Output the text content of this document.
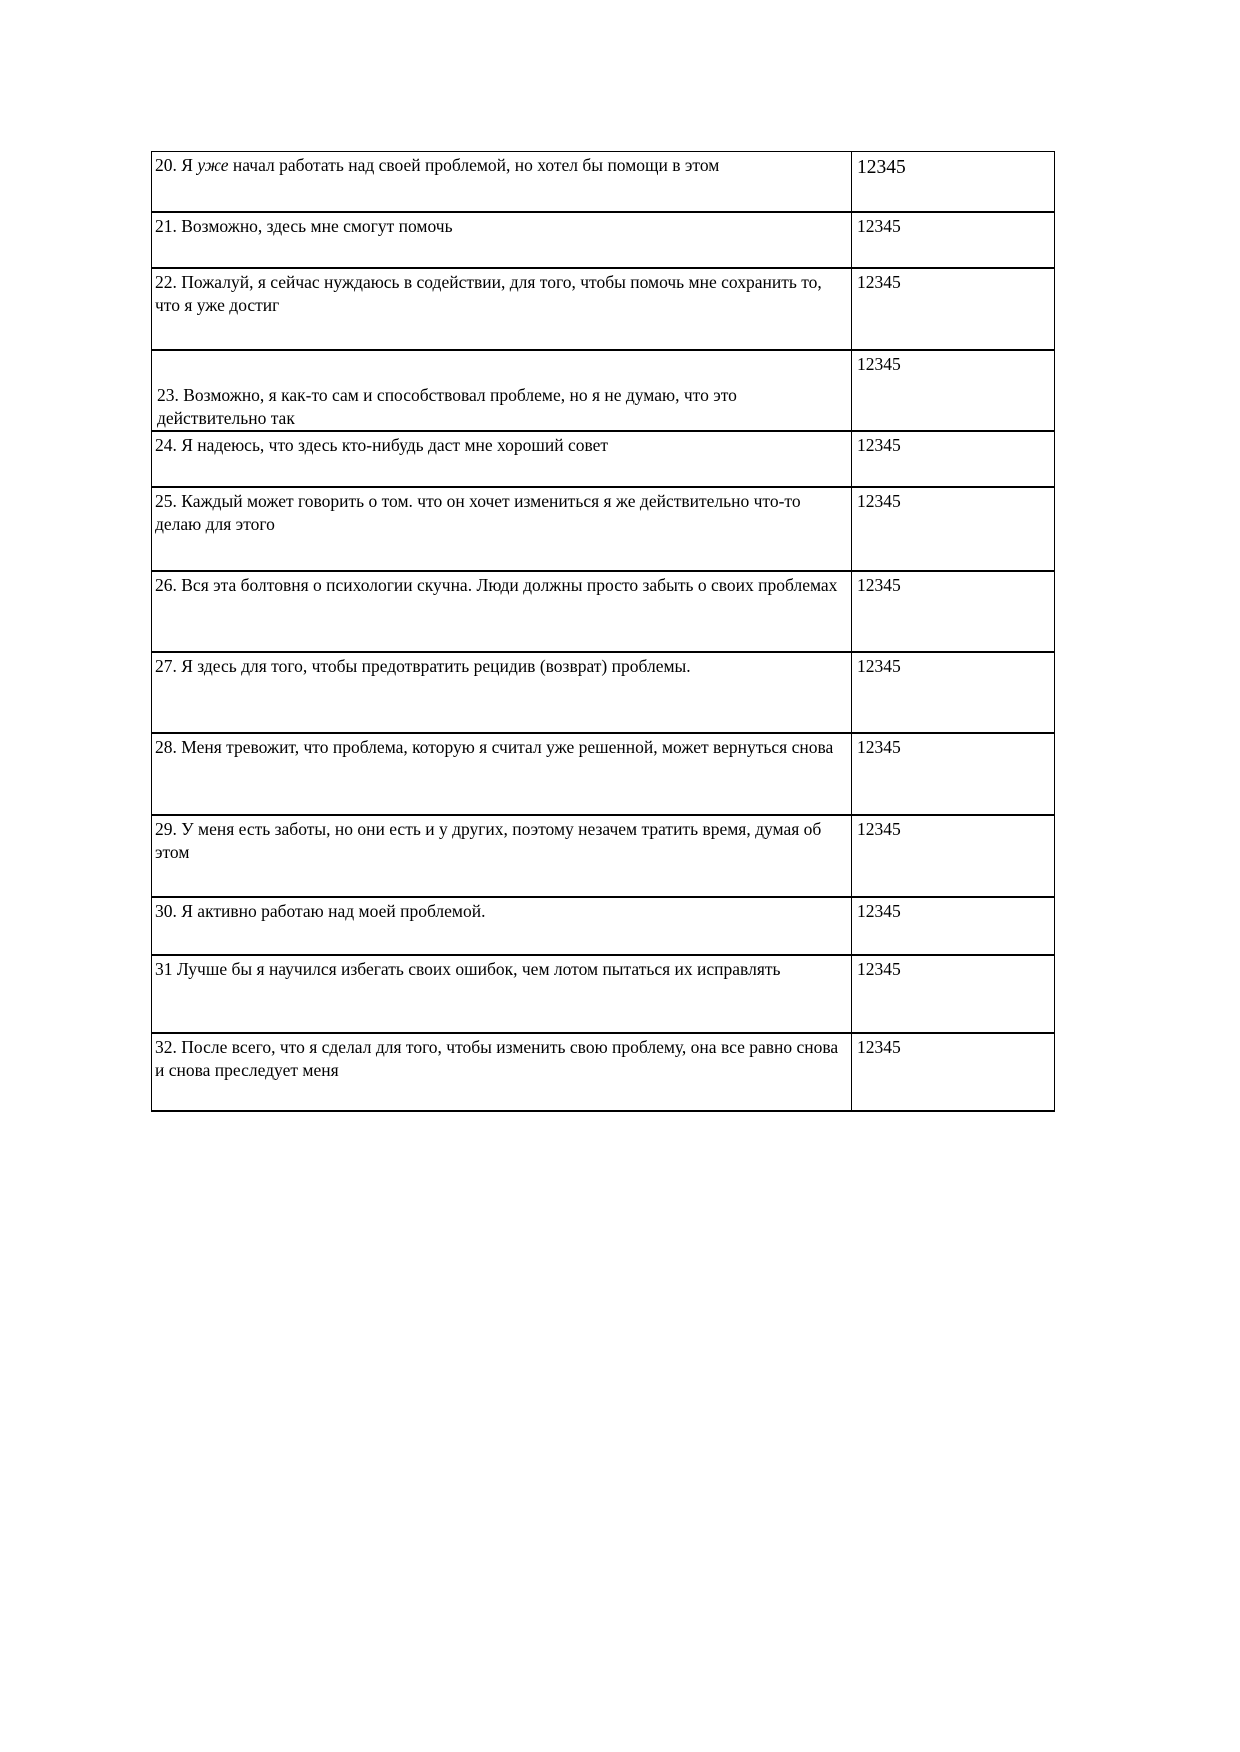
20. Я уже начал работать над своей проблемой, но хотел бы помощи в этом	12345
21. Возможно, здесь мне смогут помочь	12345
22. Пожалуй, я сейчас нуждаюсь в содействии, для того, чтобы помочь мне сохранить то, что я уже достиг	12345

23. Возможно, я как-то сам и способствовал проблеме, но я не думаю, что это действительно так	12345
24. Я надеюсь, что здесь кто-нибудь даст мне хороший совет	12345
25. Каждый может говорить о том. что он хочет измениться я же действительно что-то делаю для этого	12345
26. Вся эта болтовня о психологии скучна. Люди должны просто забыть о своих проблемах	12345
27. Я здесь для того, чтобы предотвратить рецидив (возврат) проблемы.	12345
28. Меня тревожит, что проблема, которую я считал уже решенной, может вернуться снова	12345
29. У меня есть заботы, но они есть и у других, поэтому незачем тратить время, думая об этом	12345
30. Я активно работаю над моей проблемой.	12345
31 Лучше бы я научился избегать своих ошибок, чем лотом пытаться их исправлять	12345
32. После всего, что я сделал для того, чтобы изменить свою проблему, она все равно снова и снова преследует меня	12345
